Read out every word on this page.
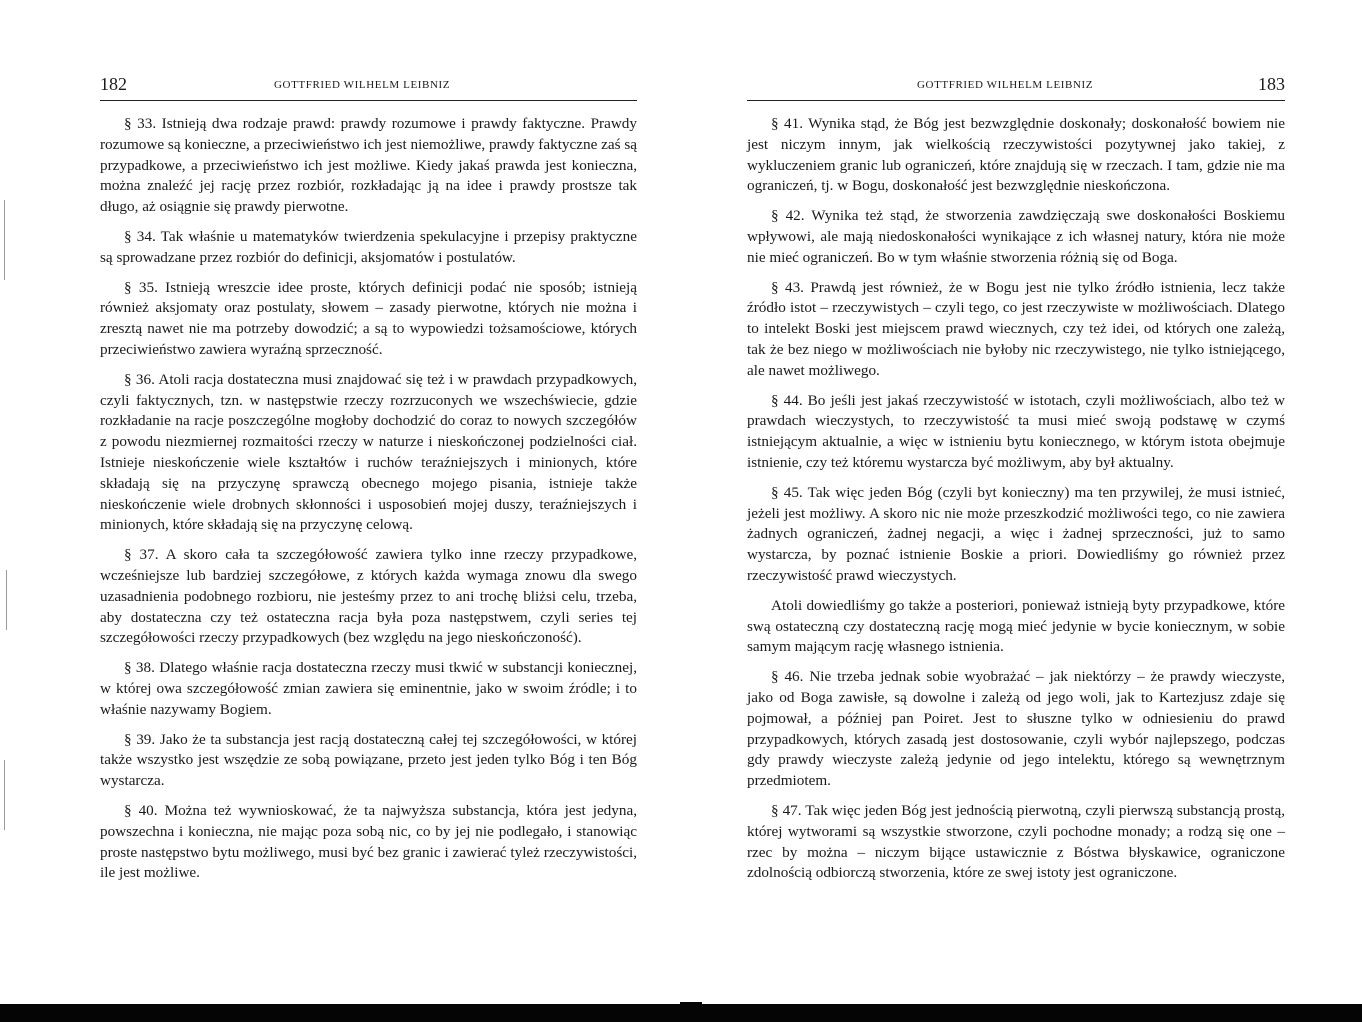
182	GOTTFRIED WILHELM LEIBNIZ

§ 33. Istnieją dwa rodzaje prawd: prawdy rozumowe i prawdy faktyczne. Prawdy rozumowe są konieczne, a przeciwieństwo ich jest niemożliwe, prawdy faktyczne zaś są przypadkowe, a przeciwieństwo ich jest możliwe. Kiedy jakaś prawda jest konieczna, można znaleźć jej rację przez rozbiór, rozkładając ją na idee i prawdy prostsze tak długo, aż osiągnie się prawdy pierwotne.

§ 34. Tak właśnie u matematyków twierdzenia spekulacyjne i przepisy praktyczne są sprowadzane przez rozbiór do definicji, aksjomatów i postulatów.

§ 35. Istnieją wreszcie idee proste, których definicji podać nie sposób; istnieją również aksjomaty oraz postulaty, słowem – zasady pierwotne, których nie można i zresztą nawet nie ma potrzeby dowodzić; a są to wypowiedzi tożsamościowe, których przeciwieństwo zawiera wyraźną sprzeczność.

§ 36. Atoli racja dostateczna musi znajdować się też i w prawdach przypadkowych, czyli faktycznych, tzn. w następstwie rzeczy rozrzuconych we wszechświecie, gdzie rozkładanie na racje poszczególne mogłoby dochodzić do coraz to nowych szczegółów z powodu niezmiernej rozmaitości rzeczy w naturze i nieskończonej podzielności ciał. Istnieje nieskończenie wiele kształtów i ruchów teraźniejszych i minionych, które składają się na przyczynę sprawczą obecnego mojego pisania, istnieje także nieskończenie wiele drobnych skłonności i usposobień mojej duszy, teraźniejszych i minionych, które składają się na przyczynę celową.

§ 37. A skoro cała ta szczegółowość zawiera tylko inne rzeczy przypadkowe, wcześniejsze lub bardziej szczegółowe, z których każda wymaga znowu dla swego uzasadnienia podobnego rozbioru, nie jesteśmy przez to ani trochę bliżsi celu, trzeba, aby dostateczna czy też ostateczna racja była poza następstwem, czyli series tej szczegółowości rzeczy przypadkowych (bez względu na jego nieskończoność).

§ 38. Dlatego właśnie racja dostateczna rzeczy musi tkwić w substancji koniecznej, w której owa szczegółowość zmian zawiera się eminentnie, jako w swoim źródle; i to właśnie nazywamy Bogiem.

§ 39. Jako że ta substancja jest racją dostateczną całej tej szczegółowości, w której także wszystko jest wszędzie ze sobą powiązane, przeto jest jeden tylko Bóg i ten Bóg wystarcza.

§ 40. Można też wywnioskować, że ta najwyższa substancja, która jest jedyna, powszechna i konieczna, nie mając poza sobą nic, co by jej nie podlegało, i stanowiąc proste następstwo bytu możliwego, musi być bez granic i zawierać tyleż rzeczywistości, ile jest możliwe.

GOTTFRIED WILHELM LEIBNIZ	183

§ 41. Wynika stąd, że Bóg jest bezwzględnie doskonały; doskonałość bowiem nie jest niczym innym, jak wielkością rzeczywistości pozytywnej jako takiej, z wykluczeniem granic lub ograniczeń, które znajdują się w rzeczach. I tam, gdzie nie ma ograniczeń, tj. w Bogu, doskonałość jest bezwzględnie nieskończona.

§ 42. Wynika też stąd, że stworzenia zawdzięczają swe doskonałości Boskiemu wpływowi, ale mają niedoskonałości wynikające z ich własnej natury, która nie może nie mieć ograniczeń. Bo w tym właśnie stworzenia różnią się od Boga.

§ 43. Prawdą jest również, że w Bogu jest nie tylko źródło istnienia, lecz także źródło istot – rzeczywistych – czyli tego, co jest rzeczywiste w możliwościach. Dlatego to intelekt Boski jest miejscem prawd wiecznych, czy też idei, od których one zależą, tak że bez niego w możliwościach nie byłoby nic rzeczywistego, nie tylko istniejącego, ale nawet możliwego.

§ 44. Bo jeśli jest jakaś rzeczywistość w istotach, czyli możliwościach, albo też w prawdach wieczystych, to rzeczywistość ta musi mieć swoją podstawę w czymś istniejącym aktualnie, a więc w istnieniu bytu koniecznego, w którym istota obejmuje istnienie, czy też któremu wystarcza być możliwym, aby był aktualny.

§ 45. Tak więc jeden Bóg (czyli byt konieczny) ma ten przywilej, że musi istnieć, jeżeli jest możliwy. A skoro nic nie może przeszkodzić możliwości tego, co nie zawiera żadnych ograniczeń, żadnej negacji, a więc i żadnej sprzeczności, już to samo wystarcza, by poznać istnienie Boskie a priori. Dowiedliśmy go również przez rzeczywistość prawd wieczystych.

Atoli dowiedliśmy go także a posteriori, ponieważ istnieją byty przypadkowe, które swą ostateczną czy dostateczną rację mogą mieć jedynie w bycie koniecznym, w sobie samym mającym rację własnego istnienia.

§ 46. Nie trzeba jednak sobie wyobrażać – jak niektórzy – że prawdy wieczyste, jako od Boga zawisłe, są dowolne i zależą od jego woli, jak to Kartezjusz zdaje się pojmował, a później pan Poiret. Jest to słuszne tylko w odniesieniu do prawd przypadkowych, których zasadą jest dostosowanie, czyli wybór najlepszego, podczas gdy prawdy wieczyste zależą jedynie od jego intelektu, którego są wewnętrznym przedmiotem.

§ 47. Tak więc jeden Bóg jest jednością pierwotną, czyli pierwszą substancją prostą, której wytworami są wszystkie stworzone, czyli pochodne monady; a rodzą się one – rzec by można – niczym bijące ustawicznie z Bóstwa błyskawice, ograniczone zdolnością odbiorczą stworzenia, które ze swej istoty jest ograniczone.
